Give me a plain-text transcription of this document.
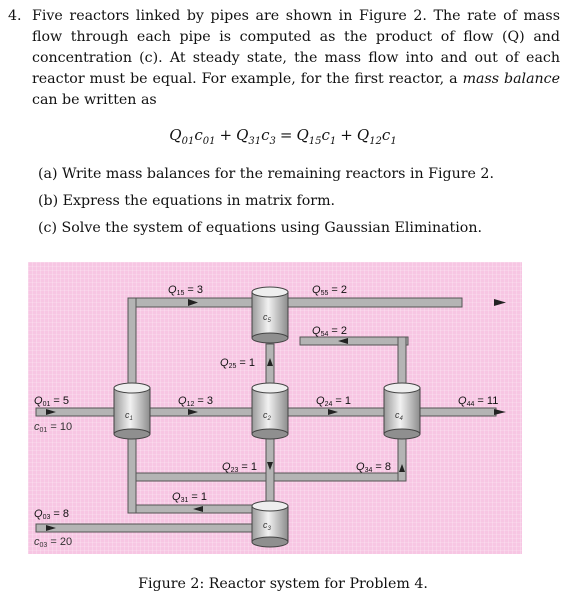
4. Five reactors linked by pipes are shown in Figure 2. The rate of mass flow through each pipe is computed as the product of flow (Q) and concentration (c). At steady state, the mass flow into and out of each reactor must be equal. For example, for the first reactor, a mass balance can be written as
$Q_{01}c_{01} + Q_{31}c_3 = Q_{15}c_1 + Q_{12}c_1$
(a) Write mass balances for the remaining reactors in Figure 2.
(b) Express the equations in matrix form.
(c) Solve the system of equations using Gaussian Elimination.
$c_1$	$c_2$
$c_3$
$c_4$
$c_5$
Q15 = 3	Q55 = 2
Q54 = 2
Q25 = 1
Q01 = 5	Q12 = 3	Q24 = 1	Q44 = 11
Q23 = 1	Q34 = 8
Q31 = 1
Q03 = 8
c01 = 10
c03 = 20
Figure 2: Reactor system for Problem 4.
